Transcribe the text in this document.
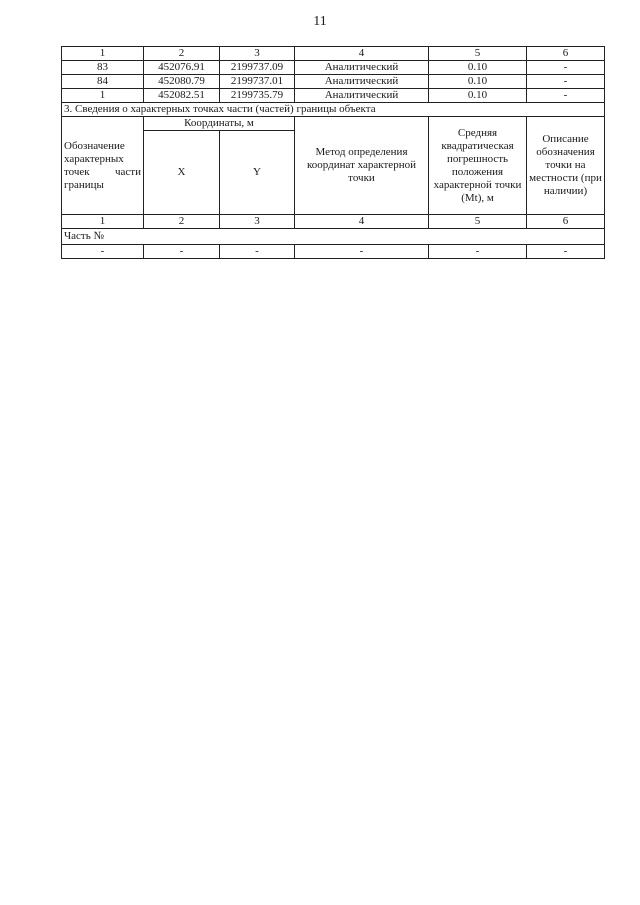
11
1	2	3	4	5	6
83	452076.91	2199737.09	Аналитический	0.10	-
84	452080.79	2199737.01	Аналитический	0.10	-
1	452082.51	2199735.79	Аналитический	0.10	-
3. Сведения о характерных точках части (частей) границы объекта					
Обозначение характерных точек части границы	Координаты, м		Метод определения координат характерной точки	Средняя квадратическая погрешность положения характерной точки (Mt), м	Описание обозначения точки на местности (при наличии)
	X	Y			
1	2	3	4	5	6
Часть №					
-	-	-	-	-	-
